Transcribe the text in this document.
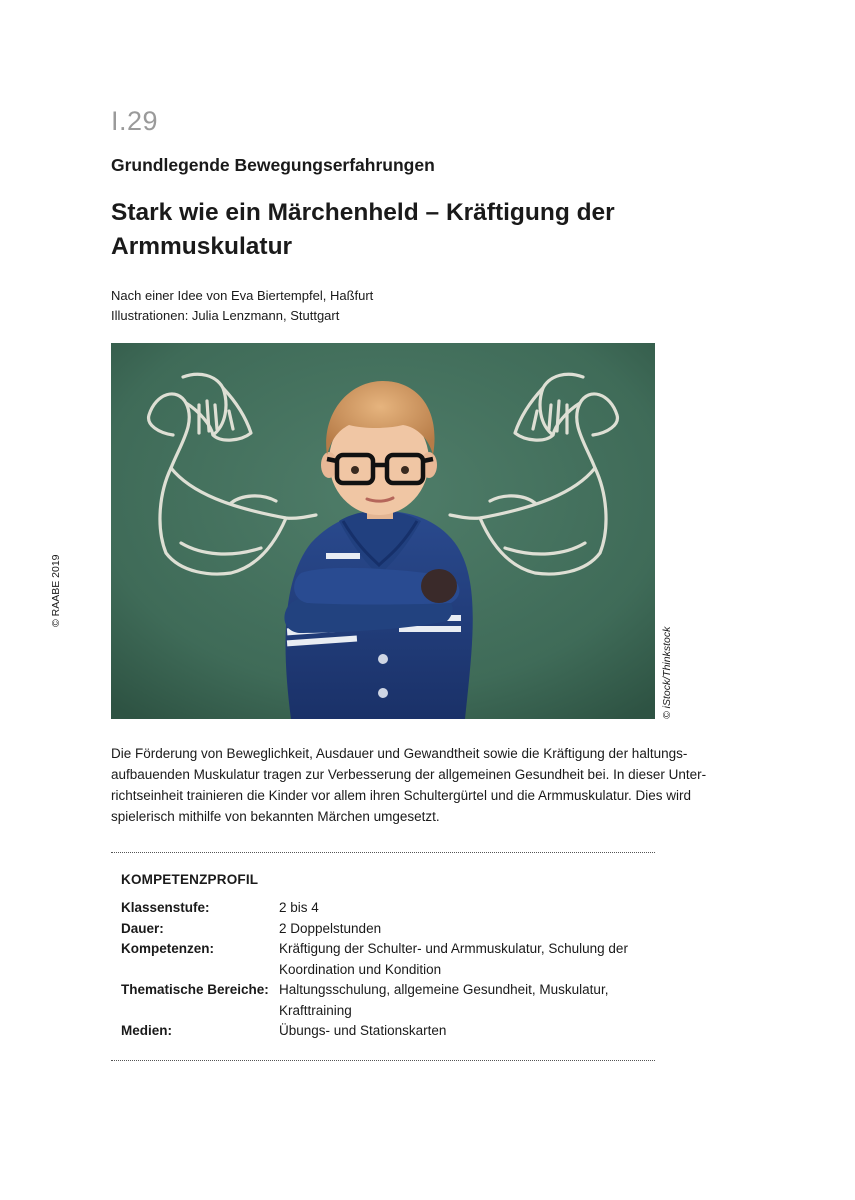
I.29
Grundlegende Bewegungserfahrungen
Stark wie ein Märchenheld – Kräftigung der
Armmuskulatur
Nach einer Idee von Eva Biertempfel, Haßfurt
Illustrationen: Julia Lenzmann, Stuttgart
© iStock/Thinkstock
© RAABE 2019
Die Förderung von Beweglichkeit, Ausdauer und Gewandtheit sowie die Kräftigung der haltungs-
aufbauenden Muskulatur tragen zur Verbesserung der allgemeinen Gesundheit bei. In dieser Unter-
richtseinheit trainieren die Kinder vor allem ihren Schultergürtel und die Armmuskulatur. Dies wird
spielerisch mithilfe von bekannten Märchen umgesetzt.
KOMPETENZPROFIL
Klassenstufe:	2 bis 4
Dauer:	2 Doppelstunden
Kompetenzen:	Kräftigung der Schulter- und Armmuskulatur, Schulung der
Koordination und Kondition
Thematische Bereiche: Haltungsschulung, allgemeine Gesundheit, Muskulatur,
Krafttraining
Medien:	Übungs- und Stationskarten
